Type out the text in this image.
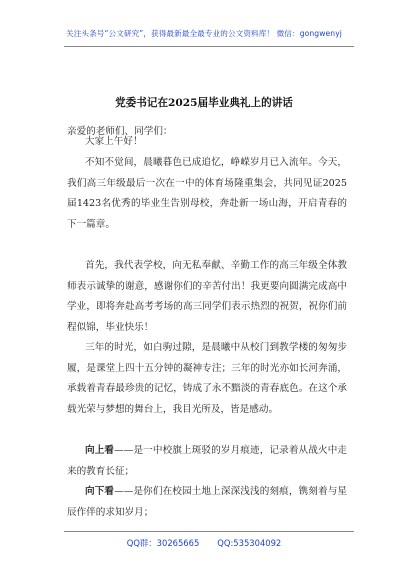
关注头条号“公文研究”，获得最新最全最专业的公文资料库！ 微信：gongwenyj
党委书记在2025届毕业典礼上的讲话
亲爱的老师们、同学们：
大家上午好！
不知不觉间，晨曦暮色已成追忆，峥嵘岁月已入流年。今天，我们高三年级最后一次在一中的体育场隆重集会，共同见证2025届1423名优秀的毕业生告别母校，奔赴新一场山海，开启青春的下一篇章。
首先，我代表学校，向无私奉献、辛勤工作的高三年级全体教师表示诚挚的谢意，感谢你们的辛苦付出！我更要向圆满完成高中学业，即将奔赴高考考场的高三同学们表示热烈的祝贺，祝你们前程似锦，毕业快乐！
三年的时光，如白驹过隙，是晨曦中从校门到教学楼的匆匆步履，是课堂上四十五分钟的凝神专注；三年的时光亦如长河奔涌，承载着青春最珍贵的记忆，铸成了永不黯淡的青春底色。在这个承载光荣与梦想的舞台上，我目光所及，皆是感动。
向上看——是一中校旗上斑驳的岁月痕迹，记录着从战火中走来的教育长征；
向下看——是你们在校园土地上深深浅浅的刻痕，镌刻着与星辰作伴的求知岁月；
QQ群：30265665 QQ:535304092
